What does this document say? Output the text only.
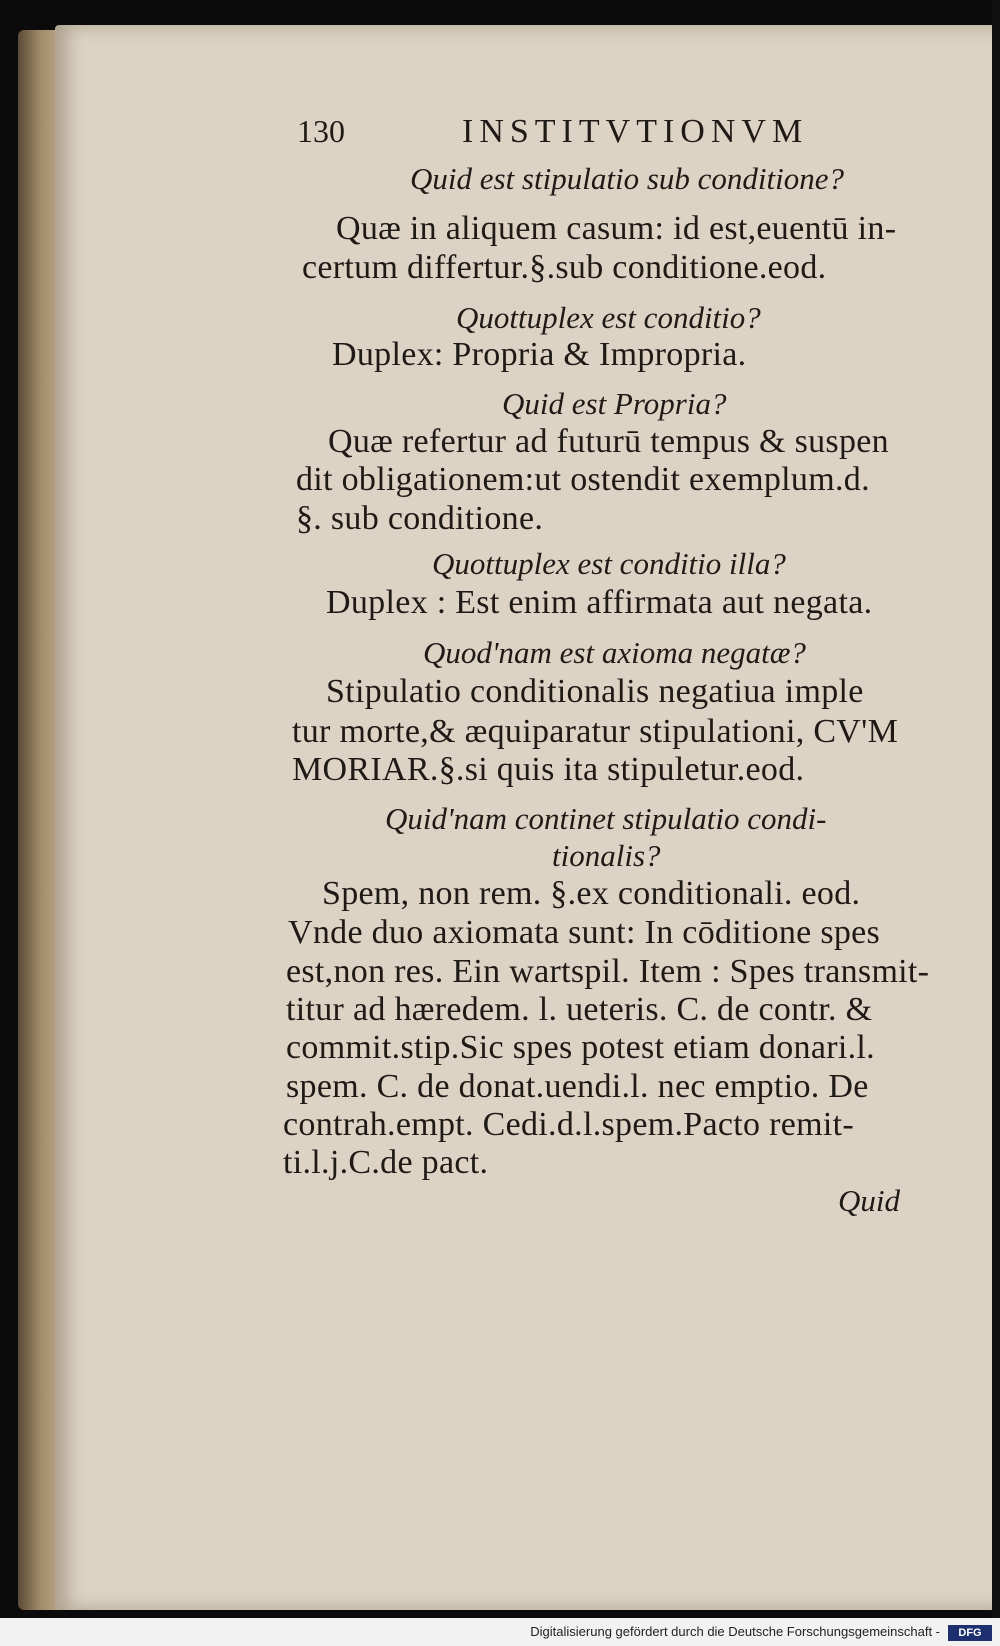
130	INSTITVTIONVM
Quid est stipulatio sub conditione?
Quæ in aliquem casum: id est,euentū in-
certum differtur.§.sub conditione.eod.
Quottuplex est conditio?
Duplex: Propria & Impropria.
Quid est Propria?
Quæ refertur ad futurū tempus & suspen
dit obligationem:ut ostendit exemplum.d.
§. sub conditione.
Quottuplex est conditio illa?
Duplex : Est enim affirmata aut negata.
Quod'nam est axioma negatæ?
Stipulatio conditionalis negatiua imple
tur morte,& æquiparatur stipulationi, CV'M
MORIAR.§.si quis ita stipuletur.eod.
Quid'nam continet stipulatio condi-
tionalis?
Spem, non rem. §.ex conditionali. eod.
Vnde duo axiomata sunt: In cōditione spes
est,non res. Ein wartspil. Item : Spes transmit-
titur ad hæredem. l. ueteris. C. de contr. &
commit.stip.Sic spes potest etiam donari.l.
spem. C. de donat.uendi.l. nec emptio. De
contrah.empt. Cedi.d.l.spem.Pacto remit-
ti.l.j.C.de pact.
Quid
Digitalisierung gefördert durch die Deutsche Forschungsgemeinschaft -	DFG
